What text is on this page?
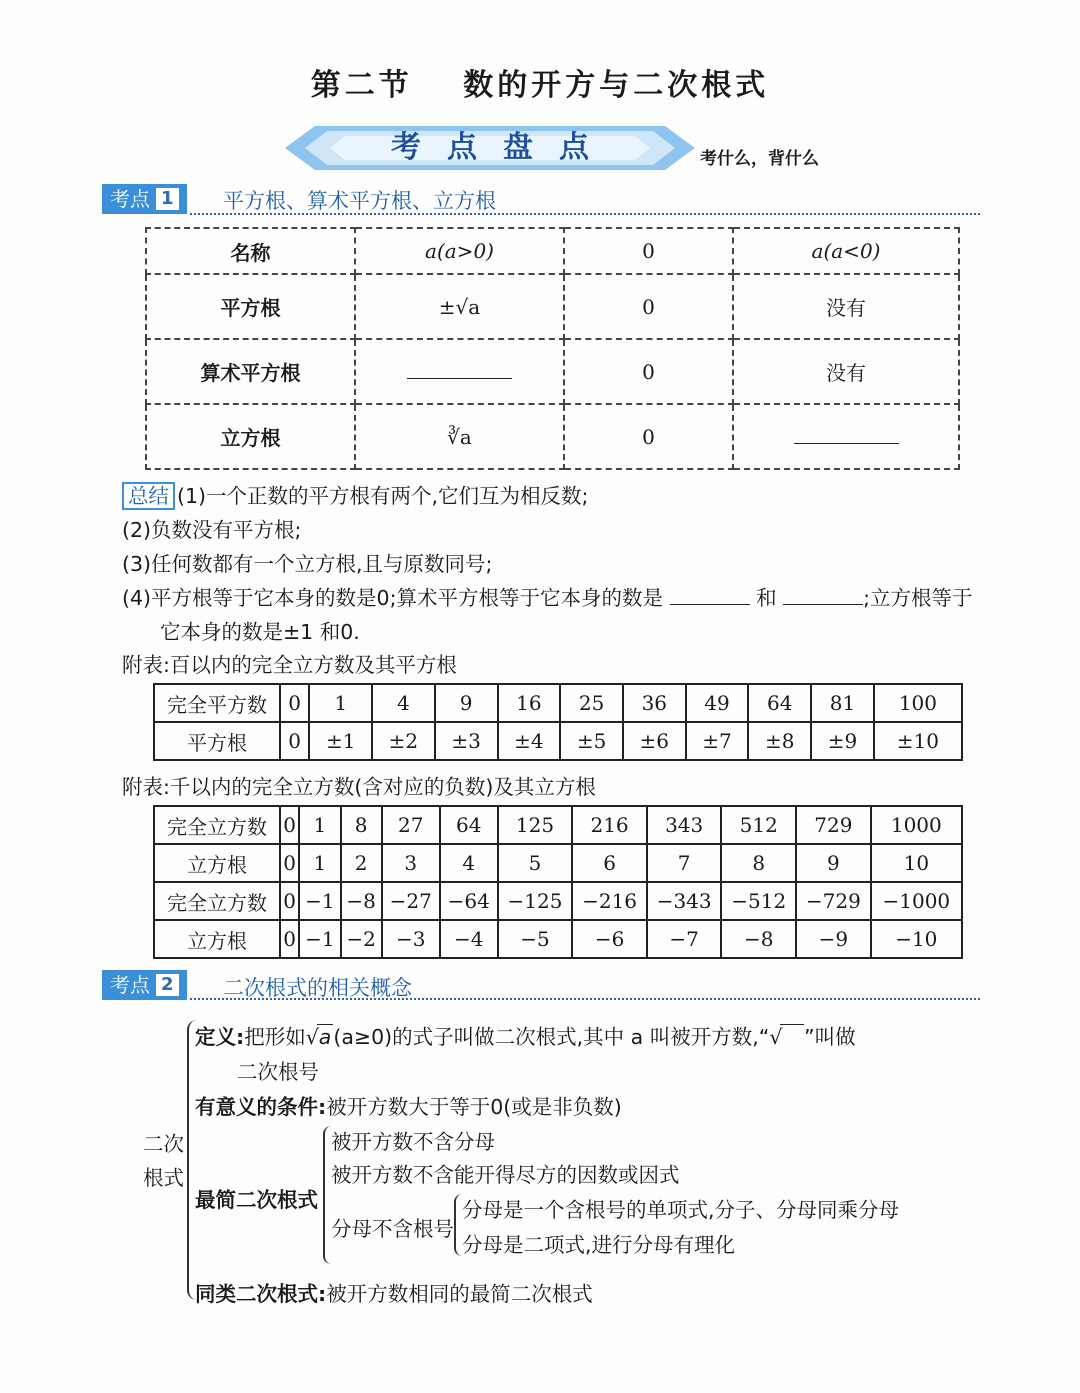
第二节 数的开方与二次根式
考点盘点	考什么，背什么
考点 1 平方根、算术平方根、立方根
名称	a(a>0)	0	a(a<0)
平方根	±√a	0	没有
算术平方根		0	没有
立方根	∛a	0	
总结 (1)一个正数的平方根有两个,它们互为相反数;
(2)负数没有平方根;
(3)任何数都有一个立方根,且与原数同号;
(4)平方根等于它本身的数是0;算术平方根等于它本身的数是	和	;立方根等于
它本身的数是±1 和0.
附表:百以内的完全立方数及其平方根
完全平方数	0	1	4	9	16	25	36	49	64	81	100
平方根	0	±1	±2	±3	±4	±5	±6	±7	±8	±9	±10
附表:千以内的完全立方数(含对应的负数)及其立方根
完全立方数	0	1	8	27	64	125	216	343	512	729	1000
立方根	0	1	2	3	4	5	6	7	8	9	10
完全立方数	0	−1	−8	−27	−64	−125	−216	−343	−512	−729	−1000
立方根	0	−1	−2	−3	−4	−5	−6	−7	−8	−9	−10
考点 2 二次根式的相关概念
二次
根式
定义:把形如√a(a≥0)的式子叫做二次根式,其中 a 叫被开方数,“√ ”叫做
二次根号
有意义的条件:被开方数大于等于0(或是非负数)
最简二次根式
被开方数不含分母
被开方数不含能开得尽方的因数或因式
分母不含根号
分母是一个含根号的单项式,分子、分母同乘分母
分母是二项式,进行分母有理化
同类二次根式:被开方数相同的最简二次根式
